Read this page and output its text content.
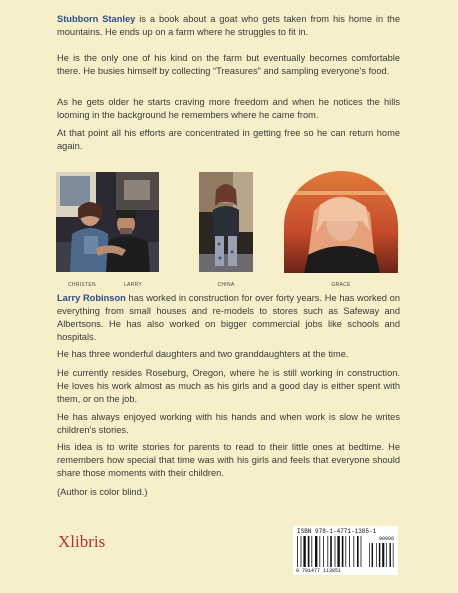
Stubborn Stanley is a book about a goat who gets taken from his home in the mountains. He ends up on a farm where he struggles to fit in.

He is the only one of his kind on the farm but eventually becomes comfortable there. He busies himself by collecting “Treasures” and sampling everyone’s food.

As he gets older he starts craving more freedom and when he notices the hills looming in the background he remembers where he came from.

At that point all his efforts are concentrated in getting free so he can return home again.

CHRISTEN	LARRY	CHINA	GRACE

Larry Robinson has worked in construction for over forty years. He has worked on everything from small houses and re-models to stores such as Safeway and Albertsons. He has also worked on bigger commercial jobs like schools and hospitals.

He has three wonderful daughters and two granddaughters at the time.

He currently resides Roseburg, Oregon, where he is still working in construction. He loves his work almost as much as his girls and a good day is either spent with them, or on the job.

He has always enjoyed working with his hands and when work is slow he writes children’s stories.

His idea is to write stories for parents to read to their little ones at bedtime. He remembers how special that time was with his girls and feels that everyone should share those moments with their children.

(Author is color blind.)

Xlibris
ISBN 978-1-4771-1385-1
90000
9 781477 113851
